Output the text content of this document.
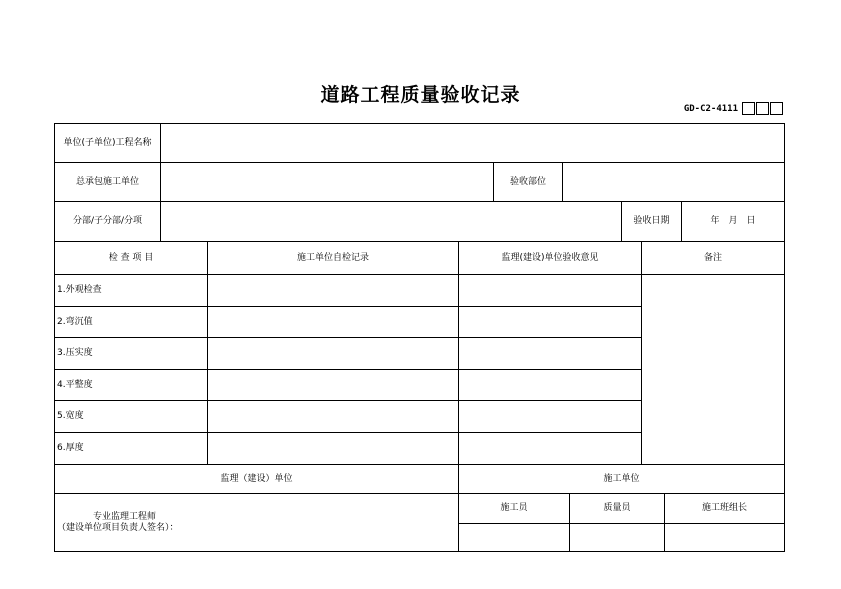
道路工程质量验收记录
GD-C2-4111
单位(子单位)工程名称
总承包施工单位	验收部位
分部/子分部/分项	验收日期	年　月　日
检 查 项 目	施工单位自检记录	监理(建设)单位验收意见	备注
1.外观检查
2.弯沉值
3.压实度
4.平整度
5.宽度
6.厚度
监理（建设）单位	施工单位
专业监理工程师
（建设单位项目负责人签名）：
施工员	质量员	施工班组长
